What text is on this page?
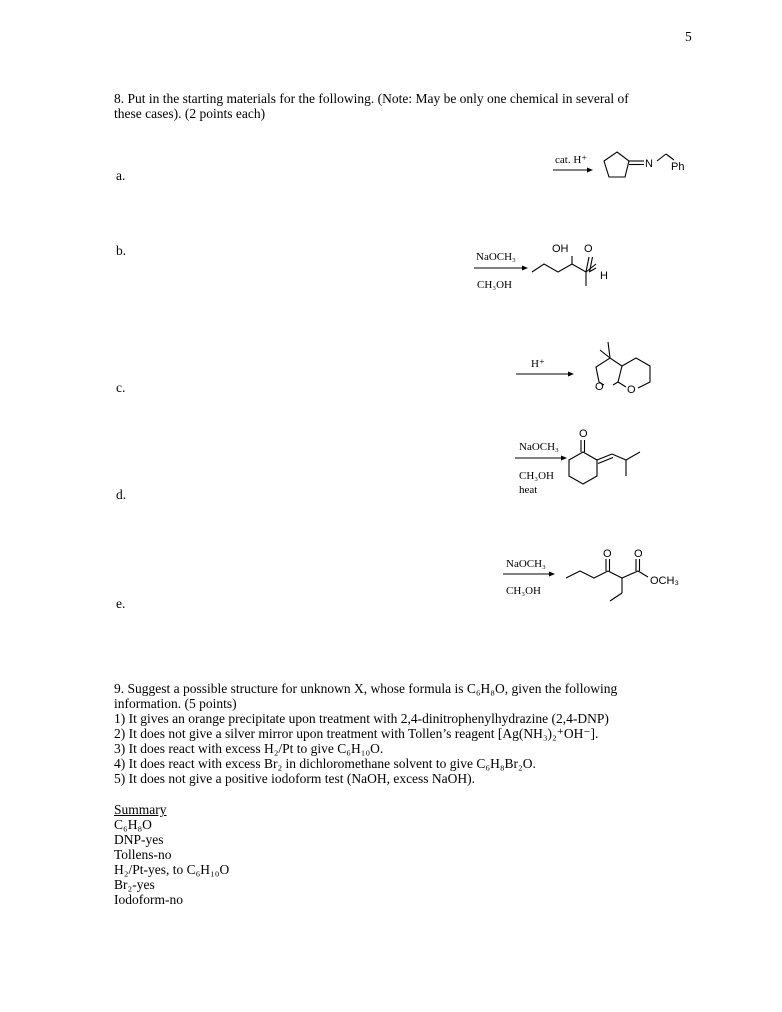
5
8. Put in the starting materials for the following. (Note: May be only one chemical in several of
these cases). (2 points each)
a.
cat. H⁺	N Ph
b.	NaOCH₃
CH₃OH
OH O
H
c.
H⁺
O O
d.
NaOCH₃
CH₃OH
heat
O
e.
NaOCH₃
CH₃OH
O O
OCH₃
9. Suggest a possible structure for unknown X, whose formula is C₆H₈O, given the following
information. (5 points)
1) It gives an orange precipitate upon treatment with 2,4-dinitrophenylhydrazine (2,4-DNP)
2) It does not give a silver mirror upon treatment with Tollen’s reagent [Ag(NH₃)₂⁺OH⁻].
3) It does react with excess H₂/Pt to give C₆H₁₀O.
4) It does react with excess Br₂ in dichloromethane solvent to give C₆H₈Br₂O.
5) It does not give a positive iodoform test (NaOH, excess NaOH).
Summary
C₆H₈O
DNP-yes
Tollens-no
H₂/Pt-yes, to C₆H₁₀O
Br₂-yes
Iodoform-no
